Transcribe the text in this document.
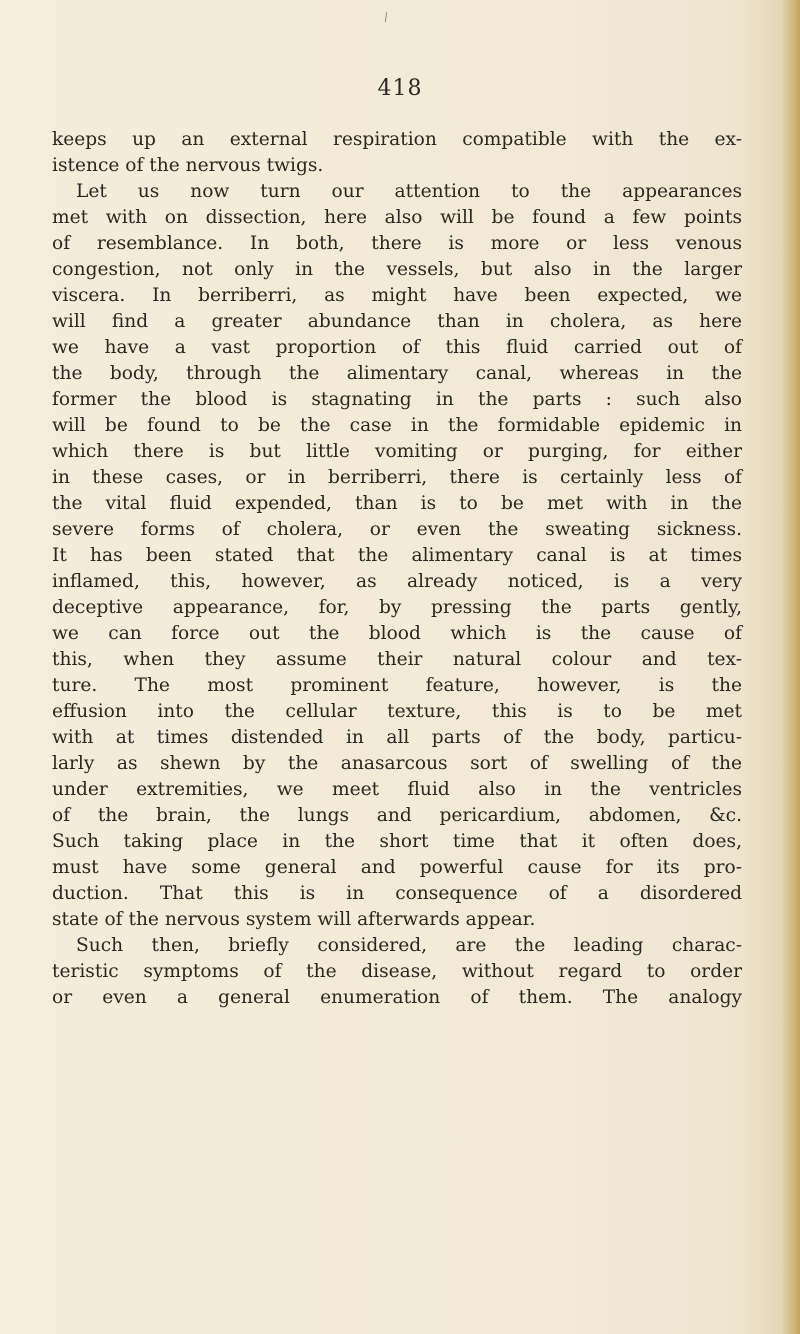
\
418
keeps up an external respiration compatible with the ex-
istence of the nervous twigs.
Let us now turn our attention to the appearances
met with on dissection, here also will be found a few points
of resemblance. In both, there is more or less venous
congestion, not only in the vessels, but also in the larger
viscera. In berriberri, as might have been expected, we
will find a greater abundance than in cholera, as here
we have a vast proportion of this fluid carried out of
the body, through the alimentary canal, whereas in the
former the blood is stagnating in the parts : such also
will be found to be the case in the formidable epidemic in
which there is but little vomiting or purging, for either
in these cases, or in berriberri, there is certainly less of
the vital fluid expended, than is to be met with in the
severe forms of cholera, or even the sweating sickness.
It has been stated that the alimentary canal is at times
inflamed, this, however, as already noticed, is a very
deceptive appearance, for, by pressing the parts gently,
we can force out the blood which is the cause of
this, when they assume their natural colour and tex-
ture. The most prominent feature, however, is the
effusion into the cellular texture, this is to be met
with at times distended in all parts of the body, particu-
larly as shewn by the anasarcous sort of swelling of the
under extremities, we meet fluid also in the ventricles
of the brain, the lungs and pericardium, abdomen, &c.
Such taking place in the short time that it often does,
must have some general and powerful cause for its pro-
duction. That this is in consequence of a disordered
state of the nervous system will afterwards appear.
Such then, briefly considered, are the leading charac-
teristic symptoms of the disease, without regard to order
or even a general enumeration of them. The analogy
